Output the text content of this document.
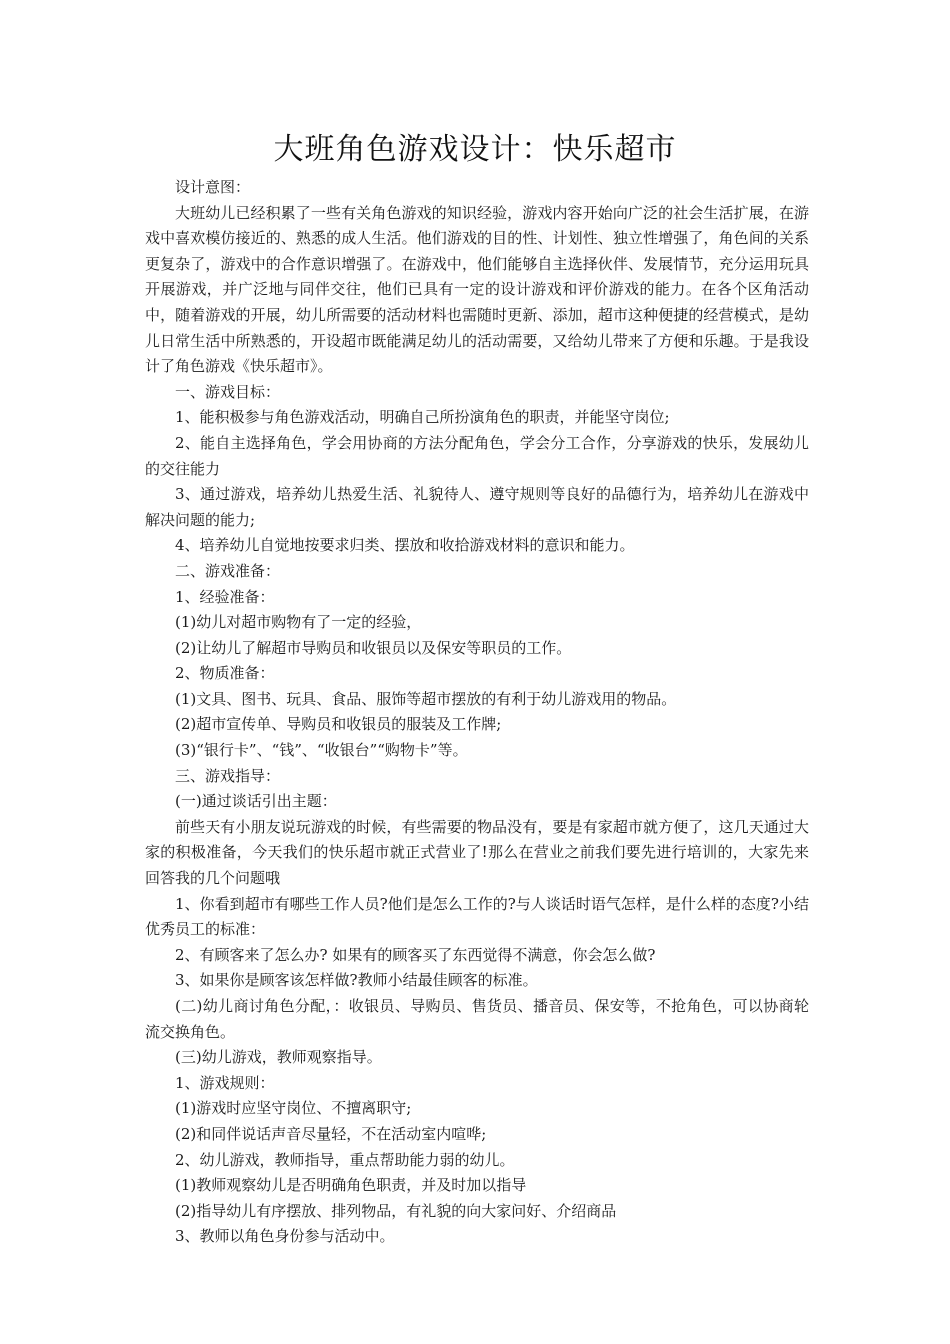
大班角色游戏设计：快乐超市

设计意图：

大班幼儿已经积累了一些有关角色游戏的知识经验，游戏内容开始向广泛的社会生活扩展，在游戏中喜欢模仿接近的、熟悉的成人生活。他们游戏的目的性、计划性、独立性增强了，角色间的关系更复杂了，游戏中的合作意识增强了。在游戏中，他们能够自主选择伙伴、发展情节，充分运用玩具开展游戏，并广泛地与同伴交往，他们已具有一定的设计游戏和评价游戏的能力。在各个区角活动中，随着游戏的开展，幼儿所需要的活动材料也需随时更新、添加，超市这种便捷的经营模式，是幼儿日常生活中所熟悉的，开设超市既能满足幼儿的活动需要，又给幼儿带来了方便和乐趣。于是我设计了角色游戏《快乐超市》。

一、游戏目标：

1、能积极参与角色游戏活动，明确自己所扮演角色的职责，并能坚守岗位;

2、能自主选择角色，学会用协商的方法分配角色，学会分工合作，分享游戏的快乐，发展幼儿的交往能力

3、通过游戏，培养幼儿热爱生活、礼貌待人、遵守规则等良好的品德行为，培养幼儿在游戏中解决问题的能力;

4、培养幼儿自觉地按要求归类、摆放和收拾游戏材料的意识和能力。

二、游戏准备：

1、经验准备：

(1)幼儿对超市购物有了一定的经验，

(2)让幼儿了解超市导购员和收银员以及保安等职员的工作。

2、物质准备：

(1)文具、图书、玩具、食品、服饰等超市摆放的有利于幼儿游戏用的物品。

(2)超市宣传单、导购员和收银员的服装及工作牌;

(3)“银行卡”、“钱”、“收银台”“购物卡”等。

三、游戏指导：

(一)通过谈话引出主题：

前些天有小朋友说玩游戏的时候，有些需要的物品没有，要是有家超市就方便了，这几天通过大家的积极准备，今天我们的快乐超市就正式营业了!那么在营业之前我们要先进行培训的，大家先来回答我的几个问题哦

1、你看到超市有哪些工作人员?他们是怎么工作的?与人谈话时语气怎样，是什么样的态度?小结优秀员工的标准：

2、有顾客来了怎么办? 如果有的顾客买了东西觉得不满意，你会怎么做?

3、如果你是顾客该怎样做?教师小结最佳顾客的标准。

(二)幼儿商讨角色分配，：收银员、导购员、售货员、播音员、保安等，不抢角色，可以协商轮流交换角色。

(三)幼儿游戏，教师观察指导。

1、游戏规则：

(1)游戏时应坚守岗位、不擅离职守;

(2)和同伴说话声音尽量轻，不在活动室内喧哗;

2、幼儿游戏，教师指导，重点帮助能力弱的幼儿。

(1)教师观察幼儿是否明确角色职责，并及时加以指导

(2)指导幼儿有序摆放、排列物品，有礼貌的向大家问好、介绍商品

3、教师以角色身份参与活动中。
